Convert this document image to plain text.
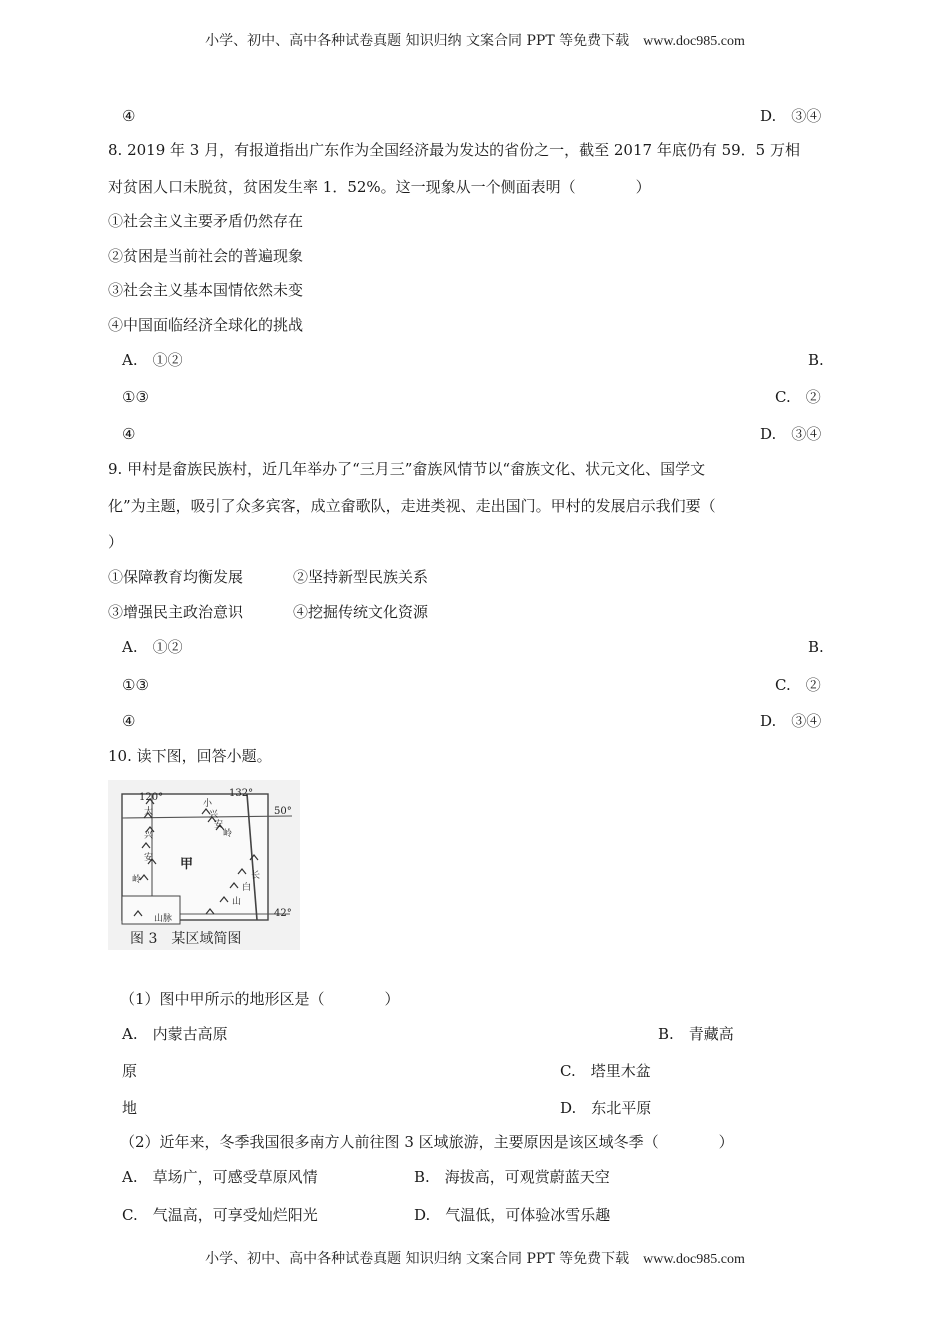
小学、初中、高中各种试卷真题 知识归纳 文案合同 PPT 等免费下载 www.doc985.com
④	D.　③④
8. 2019 年 3 月，有报道指出广东作为全国经济最为发达的省份之一，截至 2017 年底仍有 59．5 万相
对贫困人口未脱贫，贫困发生率 1．52%。这一现象从一个侧面表明（　　　　）
①社会主义主要矛盾仍然存在
②贫困是当前社会的普遍现象
③社会主义基本国情依然未变
④中国面临经济全球化的挑战
A.　①②	B.
①③	C.　②
④	D.　③④
9. 甲村是畲族民族村，近几年举办了“三月三”畲族风情节以“畲族文化、状元文化、国学文
化”为主题，吸引了众多宾客，成立畲歌队，走进类视、走出国门。甲村的发展启示我们要（
）
①保障教育均衡发展	②坚持新型民族关系
③增强民主政治意识	④挖掘传统文化资源
A.　①②	B.
①③	C.　②
④	D.　③④
10. 读下图，回答小题。
120°	132°
50°
42°
甲
大
兴
安
岭
小
兴
安
岭
长
白
山
山脉
图 3　某区域简图
（1）图中甲所示的地形区是（　　　　）
A.　内蒙古高原	B.　青藏高
原	C.　塔里木盆
地	D.　东北平原
（2）近年来，冬季我国很多南方人前往图 3 区域旅游，主要原因是该区域冬季（　　　　）
A.　草场广，可感受草原风情	B.　海拔高，可观赏蔚蓝天空
C.　气温高，可享受灿烂阳光	D.　气温低，可体验冰雪乐趣
小学、初中、高中各种试卷真题 知识归纳 文案合同 PPT 等免费下载 www.doc985.com
